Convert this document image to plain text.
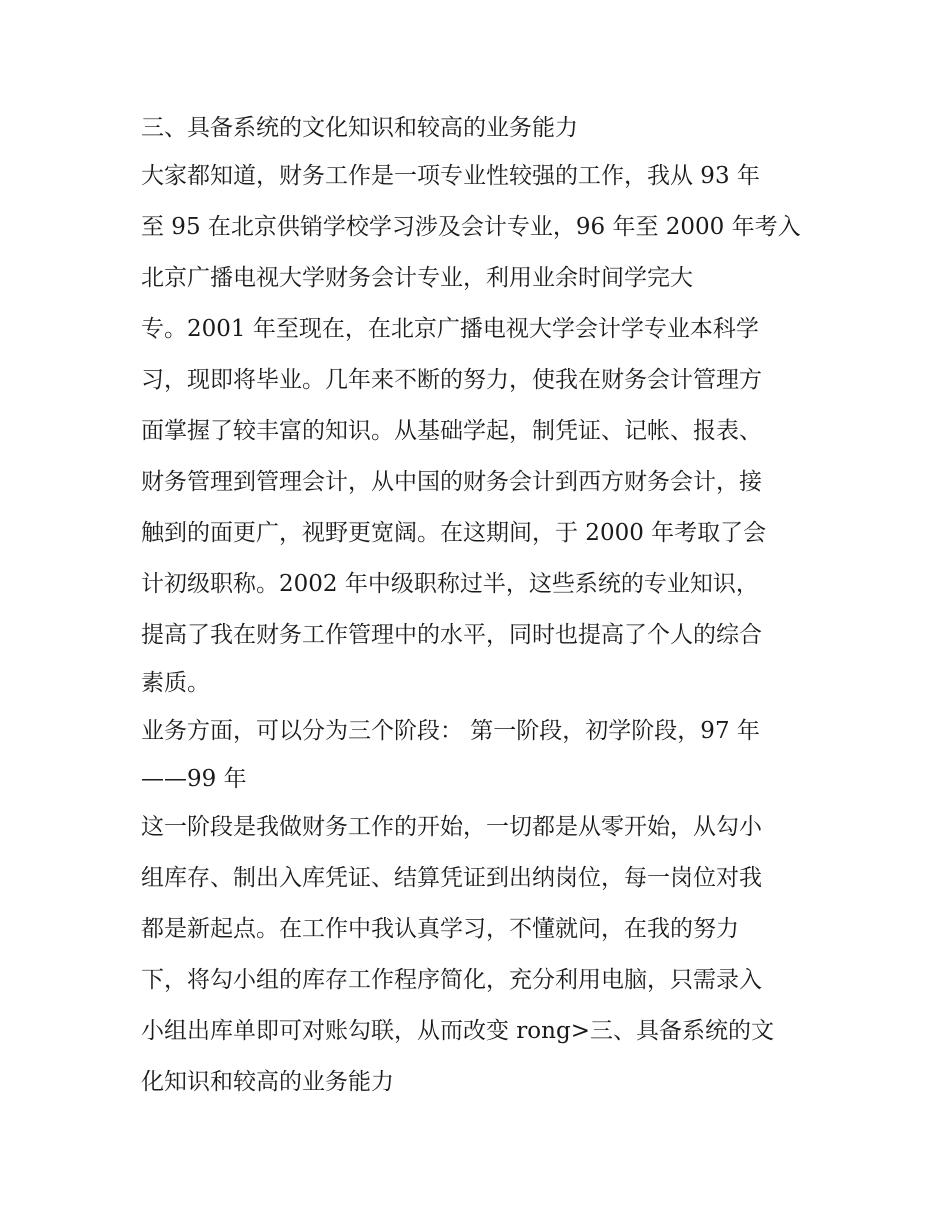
三、具备系统的文化知识和较高的业务能力
大家都知道，财务工作是一项专业性较强的工作，我从 93 年
至 95 在北京供销学校学习涉及会计专业，96 年至 2000 年考入
北京广播电视大学财务会计专业，利用业余时间学完大
专。2001 年至现在，在北京广播电视大学会计学专业本科学
习，现即将毕业。几年来不断的努力，使我在财务会计管理方
面掌握了较丰富的知识。从基础学起，制凭证、记帐、报表、
财务管理到管理会计，从中国的财务会计到西方财务会计，接
触到的面更广，视野更宽阔。在这期间，于 2000 年考取了会
计初级职称。2002 年中级职称过半，这些系统的专业知识，
提高了我在财务工作管理中的水平，同时也提高了个人的综合
素质。
业务方面，可以分为三个阶段： 第一阶段，初学阶段，97 年
——99 年
这一阶段是我做财务工作的开始，一切都是从零开始，从勾小
组库存、制出入库凭证、结算凭证到出纳岗位，每一岗位对我
都是新起点。在工作中我认真学习，不懂就问，在我的努力
下，将勾小组的库存工作程序简化，充分利用电脑，只需录入
小组出库单即可对账勾联，从而改变 rong>三、具备系统的文
化知识和较高的业务能力
